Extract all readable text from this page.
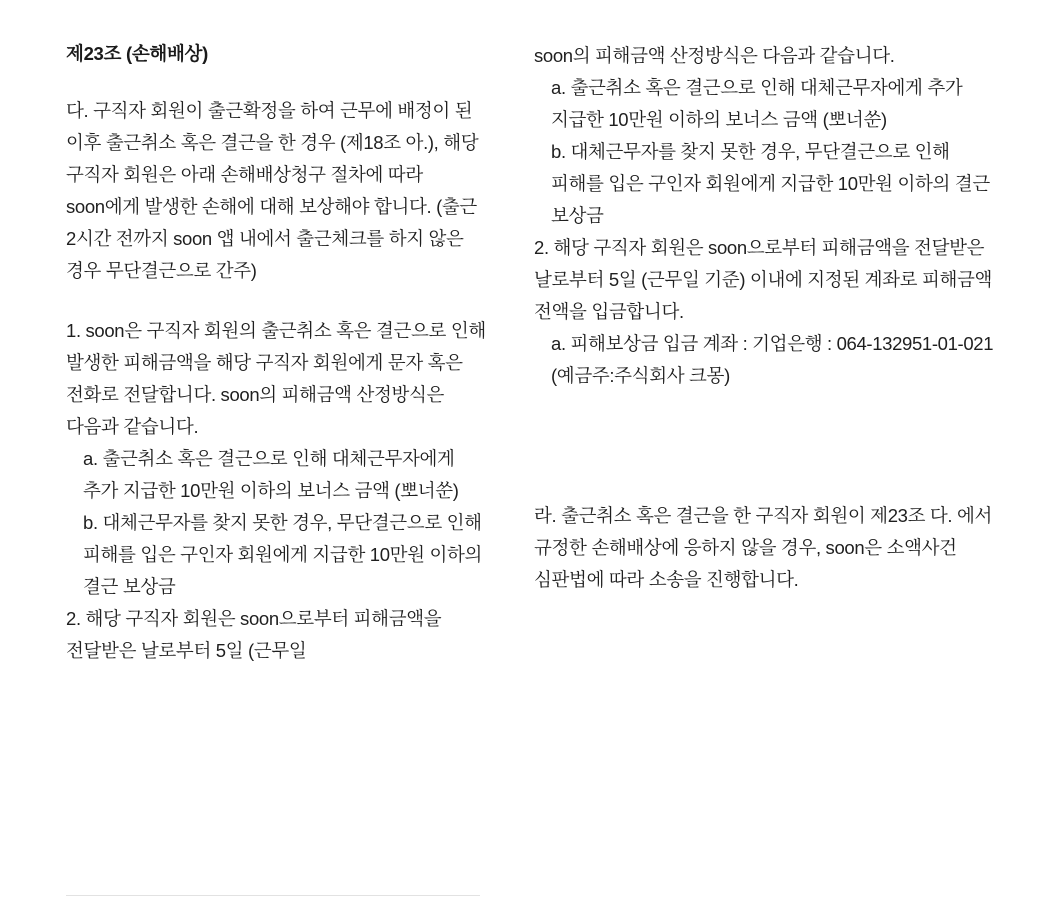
제23조 (손해배상)

다. 구직자 회원이 출근확정을 하여 근무에 배정이 된 이후 출근취소 혹은 결근을 한 경우 (제18조 아.), 해당 구직자 회원은 아래 손해배상청구 절차에 따라 soon에게 발생한 손해에 대해 보상해야 합니다. (출근 2시간 전까지 soon 앱 내에서 출근체크를 하지 않은 경우 무단결근으로 간주)

1. soon은 구직자 회원의 출근취소 혹은 결근으로 인해 발생한 피해금액을 해당 구직자 회원에게 문자 혹은 전화로 전달합니다. soon의 피해금액 산정방식은 다음과 같습니다.

a. 출근취소 혹은 결근으로 인해 대체근무자에게 추가 지급한 10만원 이하의 보너스 금액 (뽀너쑨)

b. 대체근무자를 찾지 못한 경우, 무단결근으로 인해 피해를 입은 구인자 회원에게 지급한 10만원 이하의 결근 보상금

2. 해당 구직자 회원은 soon으로부터 피해금액을 전달받은 날로부터 5일 (근무일

soon의 피해금액 산정방식은 다음과 같습니다.

a. 출근취소 혹은 결근으로 인해 대체근무자에게 추가 지급한 10만원 이하의 보너스 금액 (뽀너쑨)

b. 대체근무자를 찾지 못한 경우, 무단결근으로 인해 피해를 입은 구인자 회원에게 지급한 10만원 이하의 결근 보상금

2. 해당 구직자 회원은 soon으로부터 피해금액을 전달받은 날로부터 5일 (근무일 기준) 이내에 지정된 계좌로 피해금액 전액을 입금합니다.

a. 피해보상금 입금 계좌 : 기업은행 : 064-132951-01-021 (예금주:주식회사 크몽)

라. 출근취소 혹은 결근을 한 구직자 회원이 제23조 다. 에서 규정한 손해배상에 응하지 않을 경우, soon은 소액사건 심판법에 따라 소송을 진행합니다.
